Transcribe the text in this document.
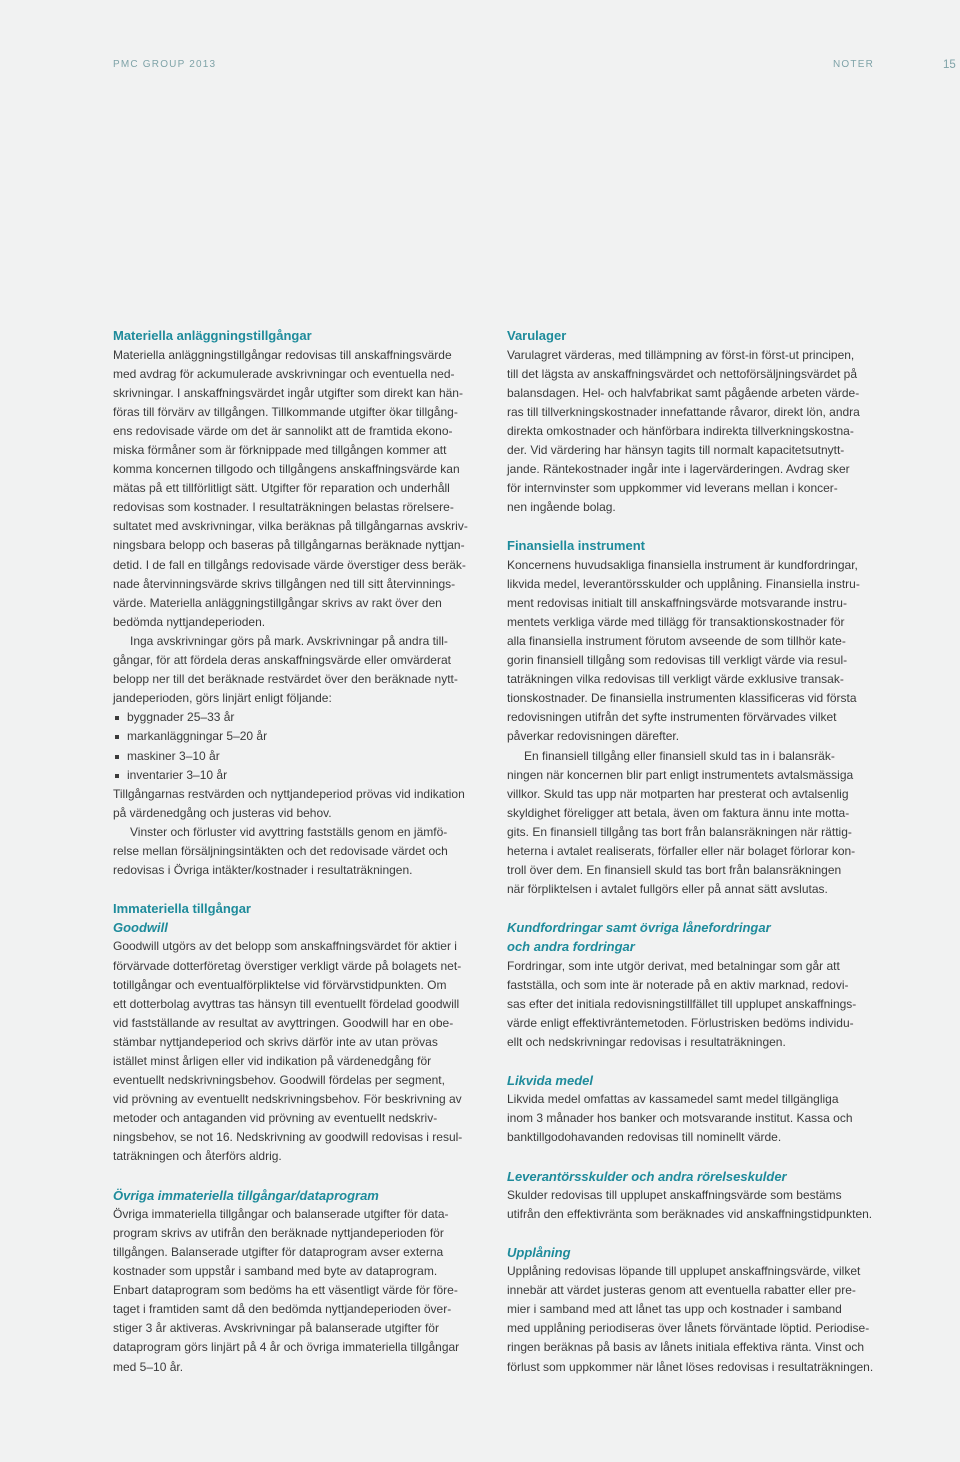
PMC GROUP 2013	NOTER	15
Materiella anläggningstillgångar
Materiella anläggningstillgångar redovisas till anskaffningsvärde
med avdrag för ackumulerade avskrivningar och eventuella ned-
skrivningar. I anskaffningsvärdet ingår utgifter som direkt kan hän-
föras till förvärv av tillgången. Tillkommande utgifter ökar tillgång-
ens redovisade värde om det är sannolikt att de framtida ekono-
miska förmåner som är förknippade med tillgången kommer att
komma koncernen tillgodo och tillgångens anskaffningsvärde kan
mätas på ett tillförlitligt sätt. Utgifter för reparation och underhåll
redovisas som kostnader. I resultaträkningen belastas rörelsere-
sultatet med avskrivningar, vilka beräknas på tillgångarnas avskriv-
ningsbara belopp och baseras på tillgångarnas beräknade nyttjan-
detid. I de fall en tillgångs redovisade värde överstiger dess beräk-
nade återvinningsvärde skrivs tillgången ned till sitt återvinnings-
värde. Materiella anläggningstillgångar skrivs av rakt över den
bedömda nyttjandeperioden.
Inga avskrivningar görs på mark. Avskrivningar på andra till-
gångar, för att fördela deras anskaffningsvärde eller omvärderat
belopp ner till det beräknade restvärdet över den beräknade nytt-
jandeperioden, görs linjärt enligt följande:
byggnader 25–33 år
markanläggningar 5–20 år
maskiner 3–10 år
inventarier 3–10 år
Tillgångarnas restvärden och nyttjandeperiod prövas vid indikation
på värdenedgång och justeras vid behov.
Vinster och förluster vid avyttring fastställs genom en jämfö-
relse mellan försäljningsintäkten och det redovisade värdet och
redovisas i Övriga intäkter/kostnader i resultaträkningen.
Immateriella tillgångar
Goodwill
Goodwill utgörs av det belopp som anskaffningsvärdet för aktier i
förvärvade dotterföretag överstiger verkligt värde på bolagets net-
totillgångar och eventualförpliktelse vid förvärvstidpunkten. Om
ett dotterbolag avyttras tas hänsyn till eventuellt fördelad goodwill
vid fastställande av resultat av avyttringen. Goodwill har en obe-
stämbar nyttjandeperiod och skrivs därför inte av utan prövas
istället minst årligen eller vid indikation på värdenedgång för
eventuellt nedskrivningsbehov. Goodwill fördelas per segment,
vid prövning av eventuellt nedskrivningsbehov. För beskrivning av
metoder och antaganden vid prövning av eventuellt nedskriv-
ningsbehov, se not 16. Nedskrivning av goodwill redovisas i resul-
taträkningen och återförs aldrig.
Övriga immateriella tillgångar/dataprogram
Övriga immateriella tillgångar och balanserade utgifter för data-
program skrivs av utifrån den beräknade nyttjandeperioden för
tillgången. Balanserade utgifter för dataprogram avser externa
kostnader som uppstår i samband med byte av dataprogram.
Enbart dataprogram som bedöms ha ett väsentligt värde för före-
taget i framtiden samt då den bedömda nyttjandeperioden över-
stiger 3 år aktiveras. Avskrivningar på balanserade utgifter för
dataprogram görs linjärt på 4 år och övriga immateriella tillgångar
med 5–10 år.
Varulager
Varulagret värderas, med tillämpning av först-in först-ut principen,
till det lägsta av anskaffningsvärdet och nettoförsäljningsvärdet på
balansdagen. Hel- och halvfabrikat samt pågående arbeten värde-
ras till tillverkningskostnader innefattande råvaror, direkt lön, andra
direkta omkostnader och hänförbara indirekta tillverkningskostna-
der. Vid värdering har hänsyn tagits till normalt kapacitetsutnytt-
jande. Räntekostnader ingår inte i lagervärderingen. Avdrag sker
för internvinster som uppkommer vid leverans mellan i koncer-
nen ingående bolag.
Finansiella instrument
Koncernens huvudsakliga finansiella instrument är kundfordringar,
likvida medel, leverantörsskulder och upplåning. Finansiella instru-
ment redovisas initialt till anskaffningsvärde motsvarande instru-
mentets verkliga värde med tillägg för transaktionskostnader för
alla finansiella instrument förutom avseende de som tillhör kate-
gorin finansiell tillgång som redovisas till verkligt värde via resul-
taträkningen vilka redovisas till verkligt värde exklusive transak-
tionskostnader. De finansiella instrumenten klassificeras vid första
redovisningen utifrån det syfte instrumenten förvärvades vilket
påverkar redovisningen därefter.
En finansiell tillgång eller finansiell skuld tas in i balansräk-
ningen när koncernen blir part enligt instrumentets avtalsmässiga
villkor. Skuld tas upp när motparten har presterat och avtalsenlig
skyldighet föreligger att betala, även om faktura ännu inte motta-
gits. En finansiell tillgång tas bort från balansräkningen när rättig-
heterna i avtalet realiserats, förfaller eller när bolaget förlorar kon-
troll över dem. En finansiell skuld tas bort från balansräkningen
när förpliktelsen i avtalet fullgörs eller på annat sätt avslutas.
Kundfordringar samt övriga lånefordringar
och andra fordringar
Fordringar, som inte utgör derivat, med betalningar som går att
fastställa, och som inte är noterade på en aktiv marknad, redovi-
sas efter det initiala redovisningstillfället till upplupet anskaffnings-
värde enligt effektivräntemetoden. Förlustrisken bedöms individu-
ellt och nedskrivningar redovisas i resultaträkningen.
Likvida medel
Likvida medel omfattas av kassamedel samt medel tillgängliga
inom 3 månader hos banker och motsvarande institut. Kassa och
banktillgodohavanden redovisas till nominellt värde.
Leverantörsskulder och andra rörelseskulder
Skulder redovisas till upplupet anskaffningsvärde som bestäms
utifrån den effektivränta som beräknades vid anskaffningstidpunkten.
Upplåning
Upplåning redovisas löpande till upplupet anskaffningsvärde, vilket
innebär att värdet justeras genom att eventuella rabatter eller pre-
mier i samband med att lånet tas upp och kostnader i samband
med upplåning periodiseras över lånets förväntade löptid. Periodise-
ringen beräknas på basis av lånets initiala effektiva ränta. Vinst och
förlust som uppkommer när lånet löses redovisas i resultaträkningen.
